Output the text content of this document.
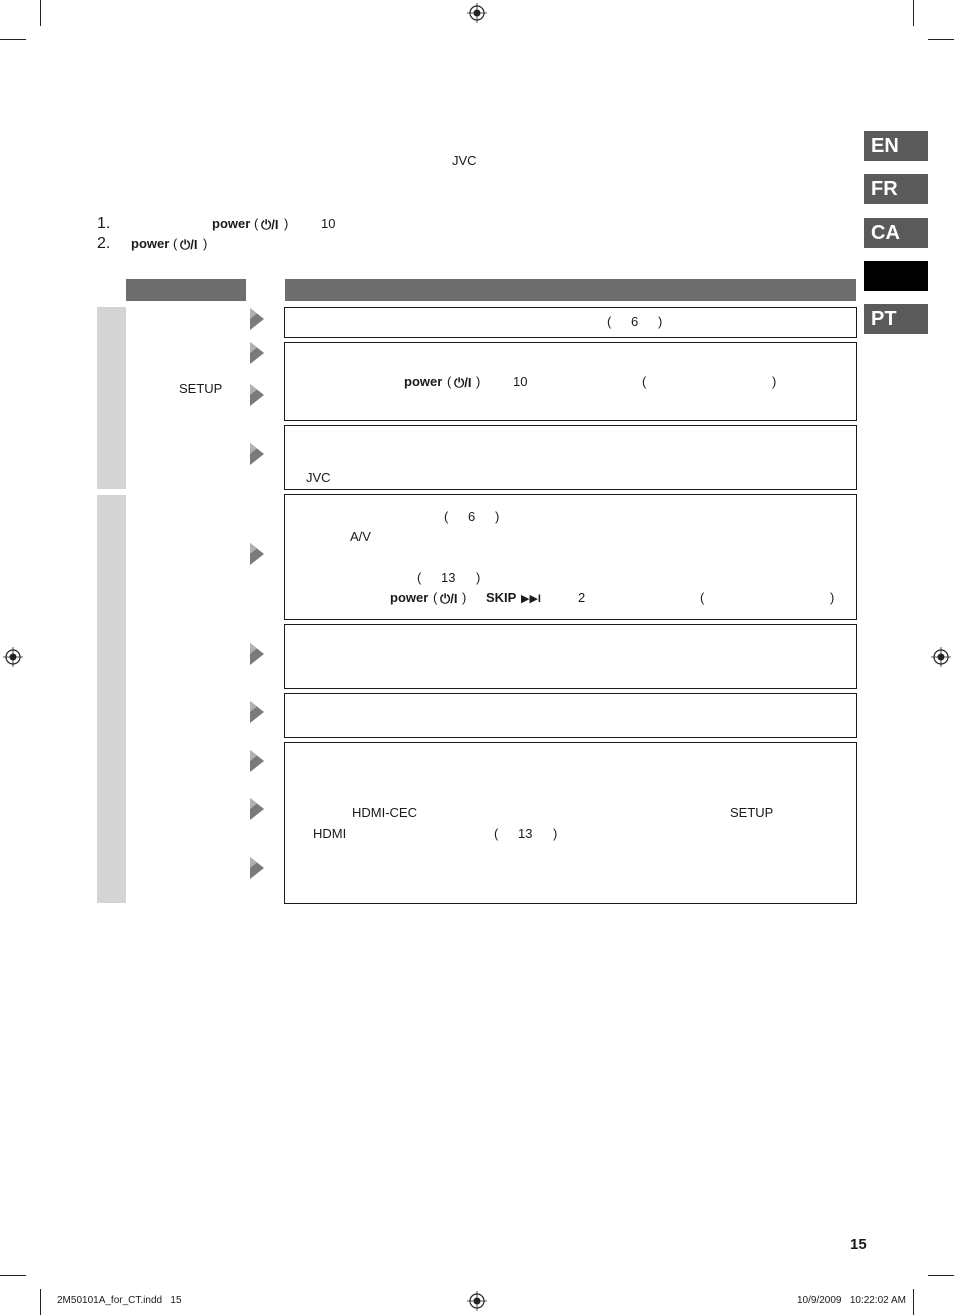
EN
FR
CA
PT
JVC
1.	power ( ⏻/I )	10
2. power ( ⏻/I )
SETUP
( 6 )
power ( ⏻/I )	10	(	)
JVC
( 6 )
A/V
( 13 )
power ( ⏻/I ) SKIP ▶▶I	2	(	)
HDMI-CEC	SETUP
HDMI	( 13 )
15
2M50101A_for_CT.indd   15	10/9/2009   10:22:02 AM
